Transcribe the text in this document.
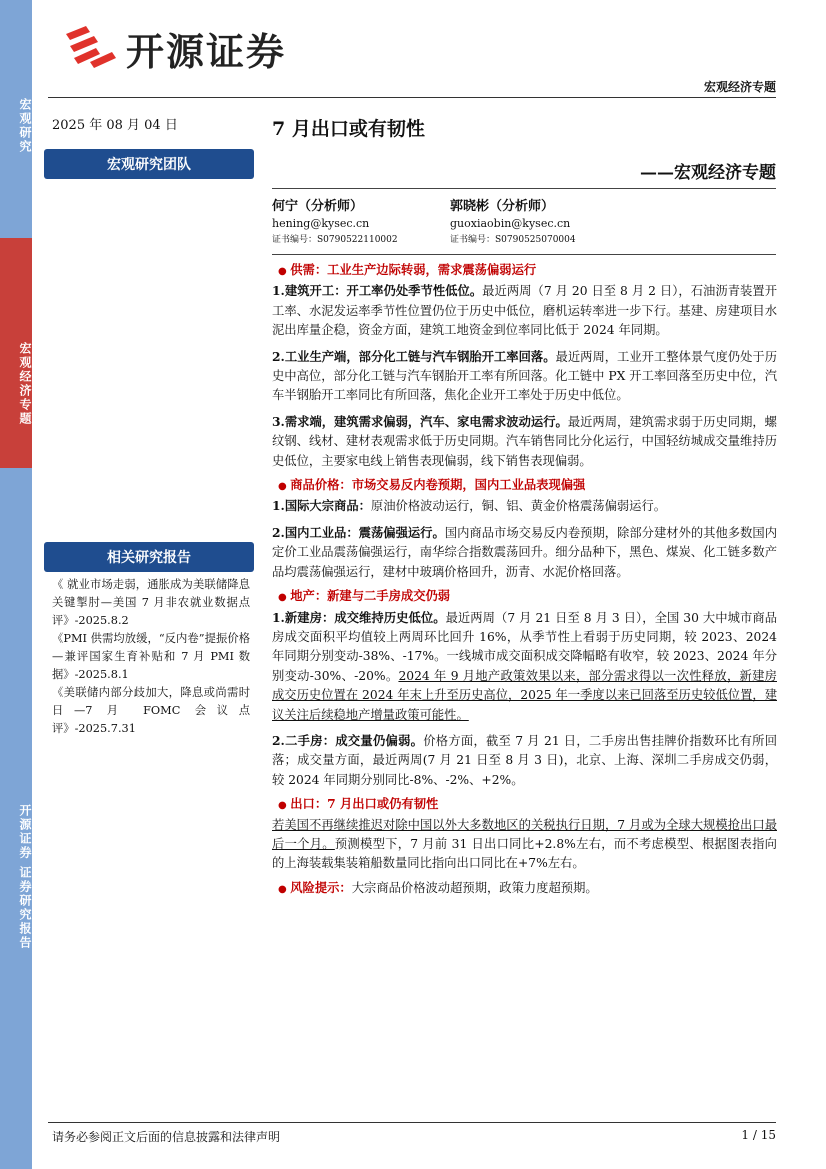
宏观研究
宏观经济专题
开源证券 证券研究报告
开源证券
宏观经济专题
2025 年 08 月 04 日	7 月出口或有韧性
——宏观经济专题
宏观研究团队
何宁（分析师）
hening@kysec.cn
证书编号：S0790522110002
郭晓彬（分析师）
guoxiaobin@kysec.cn
证书编号：S0790525070004

● 供需：工业生产边际转弱，需求震荡偏弱运行

1.建筑开工：开工率仍处季节性低位。最近两周（7 月 20 日至 8 月 2 日），石油沥青装置开工率、水泥发运率季节性位置仍位于历史中低位，磨机运转率进一步下行。基建、房建项目水泥出库量企稳，资金方面，建筑工地资金到位率同比低于 2024 年同期。

2.工业生产端，部分化工链与汽车钢胎开工率回落。最近两周，工业开工整体景气度仍处于历史中高位，部分化工链与汽车钢胎开工率有所回落。化工链中 PX 开工率回落至历史中位，汽车半钢胎开工率同比有所回落，焦化企业开工率处于历史中低位。

3.需求端，建筑需求偏弱，汽车、家电需求波动运行。最近两周，建筑需求弱于历史同期，螺纹钢、线材、建材表观需求低于历史同期。汽车销售同比分化运行，中国轻纺城成交量维持历史低位，主要家电线上销售表现偏弱，线下销售表现偏弱。

● 商品价格：市场交易反内卷预期，国内工业品表现偏强

1.国际大宗商品：原油价格波动运行，铜、铝、黄金价格震荡偏弱运行。

2.国内工业品：震荡偏强运行。国内商品市场交易反内卷预期，除部分建材外的其他多数国内定价工业品震荡偏强运行，南华综合指数震荡回升。细分品种下，黑色、煤炭、化工链多数产品均震荡偏强运行，建材中玻璃价格回升，沥青、水泥价格回落。

● 地产：新建与二手房成交仍弱

1.新建房：成交维持历史低位。最近两周（7 月 21 日至 8 月 3 日），全国 30 大中城市商品房成交面积平均值较上两周环比回升 16%，从季节性上看弱于历史同期，较 2023、2024 年同期分别变动-38%、-17%。一线城市成交面积成交降幅略有收窄，较 2023、2024 年分别变动-30%、-20%。2024 年 9 月地产政策效果以来，部分需求得以一次性释放，新建房成交历史位置在 2024 年末上升至历史高位，2025 年一季度以来已回落至历史较低位置，建议关注后续稳地产增量政策可能性。

2.二手房：成交量仍偏弱。价格方面，截至 7 月 21 日，二手房出售挂牌价指数环比有所回落；成交量方面，最近两周(7 月 21 日至 8 月 3 日)，北京、上海、深圳二手房成交仍弱，较 2024 年同期分别同比-8%、-2%、+2%。

● 出口：7 月出口或仍有韧性

若美国不再继续推迟对除中国以外大多数地区的关税执行日期，7 月或为全球大规模抢出口最后一个月。预测模型下，7 月前 31 日出口同比+2.8%左右，而不考虑模型、根据图表指向的上海装载集装箱船数量同比指向出口同比在+7%左右。

● 风险提示：大宗商品价格波动超预期，政策力度超预期。

相关研究报告

《 就业市场走弱，通胀成为美联储降息关键掣肘—美国 7 月非农就业数据点评》-2025.8.2

《PMI 供需均放缓，“反内卷”提振价格—兼评国家生育补贴和 7 月 PMI 数据》-2025.8.1

《美联储内部分歧加大，降息或尚需时日—7 月 FOMC 会议点评》-2025.7.31

请务必参阅正文后面的信息披露和法律声明	1 / 15
